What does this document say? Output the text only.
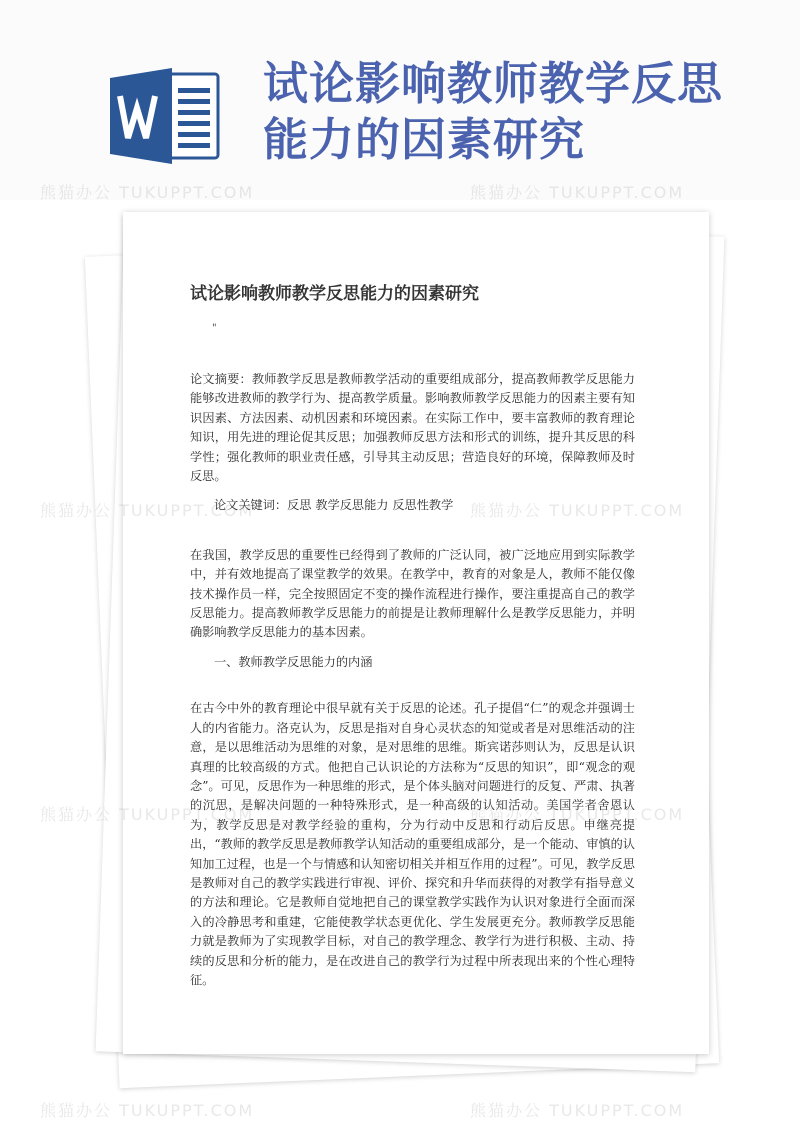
试论影响教师教学反思能力的因素研究
试论影响教师教学反思能力的因素研究
"

论文摘要：教师教学反思是教师教学活动的重要组成部分，提高教师教学反思能力能够改进教师的教学行为、提高教学质量。影响教师教学反思能力的因素主要有知识因素、方法因素、动机因素和环境因素。在实际工作中，要丰富教师的教育理论知识，用先进的理论促其反思；加强教师反思方法和形式的训练，提升其反思的科学性；强化教师的职业责任感，引导其主动反思；营造良好的环境，保障教师及时反思。

论文关键词：反思 教学反思能力 反思性教学

在我国，教学反思的重要性已经得到了教师的广泛认同，被广泛地应用到实际教学中，并有效地提高了课堂教学的效果。在教学中，教育的对象是人，教师不能仅像技术操作员一样，完全按照固定不变的操作流程进行操作，要注重提高自己的教学反思能力。提高教师教学反思能力的前提是让教师理解什么是教学反思能力，并明确影响教学反思能力的基本因素。

一、教师教学反思能力的内涵

在古今中外的教育理论中很早就有关于反思的论述。孔子提倡“仁”的观念并强调士人的内省能力。洛克认为，反思是指对自身心灵状态的知觉或者是对思维活动的注意，是以思维活动为思维的对象，是对思维的思维。斯宾诺莎则认为，反思是认识真理的比较高级的方式。他把自己认识论的方法称为“反思的知识”，即“观念的观念”。可见，反思作为一种思维的形式，是个体头脑对问题进行的反复、严肃、执著的沉思，是解决问题的一种特殊形式，是一种高级的认知活动。美国学者舍恩认为，教学反思是对教学经验的重构，分为行动中反思和行动后反思。申继亮提出，“教师的教学反思是教师教学认知活动的重要组成部分，是一个能动、审慎的认知加工过程，也是一个与情感和认知密切相关并相互作用的过程”。可见，教学反思是教师对自己的教学实践进行审视、评价、探究和升华而获得的对教学有指导意义的方法和理论。它是教师自觉地把自己的课堂教学实践作为认识对象进行全面而深入的冷静思考和重建，它能使教学状态更优化、学生发展更充分。教师教学反思能力就是教师为了实现教学目标，对自己的教学理念、教学行为进行积极、主动、持续的反思和分析的能力，是在改进自己的教学行为过程中所表现出来的个性心理特征。

熊猫办公 TUKUPPT.COM	熊猫办公 TUKUPPT.COM
熊猫办公 TUKUPPT.COM	熊猫办公 TUKUPPT.COM
熊猫办公 TUKUPPT.COM	熊猫办公 TUKUPPT.COM
熊猫办公 TUKUPPT.COM	熊猫办公 TUKUPPT.COM
